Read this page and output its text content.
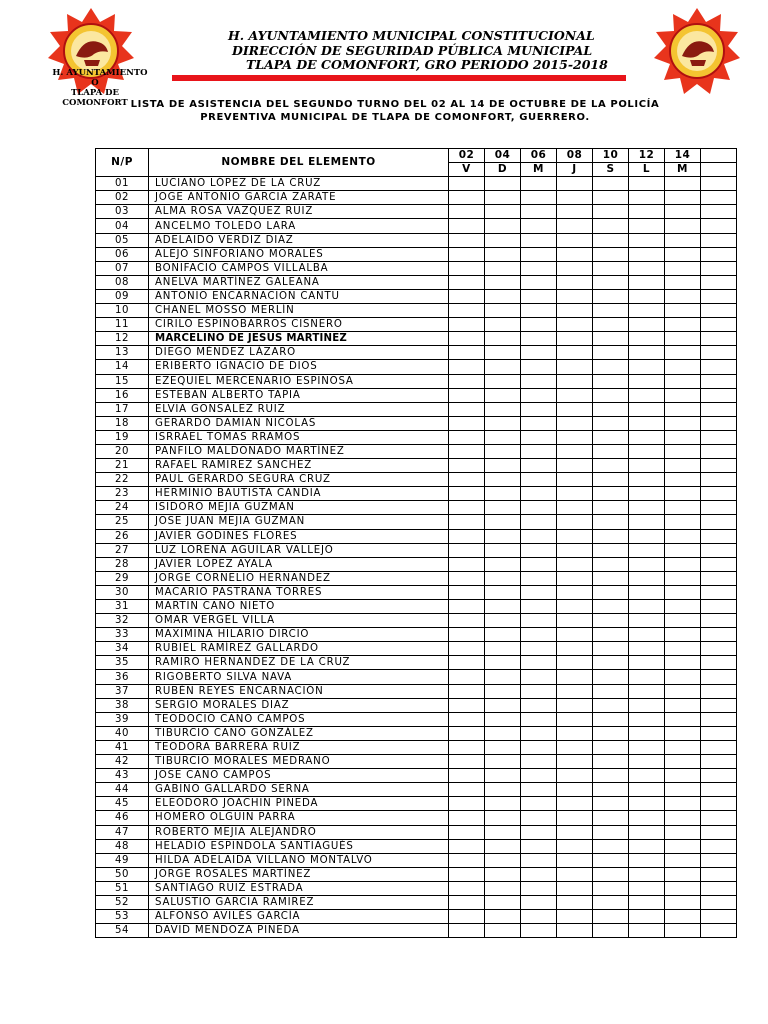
H. AYUNTAMIENTO
O
TLAPA DE COMONFORT
H. AYUNTAMIENTO MUNICIPAL CONSTITUCIONAL
DIRECCIÓN DE SEGURIDAD PÚBLICA MUNICIPAL
TLAPA DE COMONFORT, GRO PERIODO 2015-2018
LISTA DE ASISTENCIA DEL SEGUNDO TURNO DEL 02 AL 14 DE OCTUBRE DE LA POLICÍA
PREVENTIVA MUNICIPAL DE TLAPA DE COMONFORT, GUERRERO.
N/P	NOMBRE DEL ELEMENTO	02	04	06	08	10	12	14	
		V	D	M	J	S	L	M	
01	LUCIANO LÓPEZ DE LA CRUZ								
02	JOGE ANTONIO GARCIA ZARATE								
03	ALMA ROSA VAZQUEZ RUIZ								
04	ANCELMO TOLEDO LARA								
05	ADELAIDO VERDIZ DIAZ								
06	ALEJO SINFORIANO MORALES								
07	BONIFACIO CAMPOS VILLALBA								
08	ANELVA MARTÍNEZ GALEANA								
09	ANTONIO ENCARNACION CANTU								
10	CHANEL MOSSO MERLÍN								
11	CIRILO ESPINOBARROS CISNERO								
12	MARCELINO DE JESUS MARTINEZ								
13	DIEGO MÉNDEZ LÁZARO								
14	ERIBERTO IGNACIO DE DIOS								
15	EZEQUIEL MERCENARIO ESPINOSA								
16	ESTEBAN ALBERTO TAPIA								
17	ELVIA GONSALEZ RUIZ								
18	GERARDO DAMIAN NICOLAS								
19	ISRRAEL TOMAS RRAMOS								
20	PANFILO MALDONADO MARTÍNEZ								
21	RAFAEL RAMIREZ SANCHEZ								
22	PAUL GERARDO SEGURA CRUZ								
23	HERMINIO BAUTISTA CANDIA								
24	ISIDORO MEJIA GUZMAN								
25	JOSE JUAN MEJIA GUZMAN								
26	JAVIER GODINES FLORES								
27	LUZ LORENA AGUILAR VALLEJO								
28	JAVIER LOPEZ AYALA								
29	JORGE CORNELIO HERNANDEZ								
30	MACARIO PASTRANA TORRES								
31	MARTIN CANO NIETO								
32	OMAR VERGEL VILLA								
33	MAXIMINA HILARIO DIRCIO								
34	RUBIEL RAMÍREZ GALLARDO								
35	RAMIRO HERNANDEZ DE LA CRUZ								
36	RIGOBERTO SILVA NAVA								
37	RUBÉN REYES ENCARNACIÓN								
38	SERGIO MORALES DIAZ								
39	TEODOCIO CANO CAMPOS								
40	TIBURCIO CANO GONZÁLEZ								
41	TEODORA BARRERA RUIZ								
42	TIBURCIO MORALES MEDRANO								
43	JOSE CANO CAMPOS								
44	GABINO GALLARDO SERNA								
45	ELEODORO JOACHIN PINEDA								
46	HOMERO OLGUIN PARRA								
47	ROBERTO MEJIA ALEJANDRO								
48	HELADIO ESPINDOLA SANTIAGUÉS								
49	HILDA ADELAIDA VILLANO MONTALVO								
50	JORGE ROSALES MARTÍNEZ								
51	SANTIAGO RUIZ ESTRADA								
52	SALUSTIO GARCIA RAMIREZ								
53	ALFONSO AVILÉS GARCÍA								
54	DAVID MENDOZA PINEDA								
